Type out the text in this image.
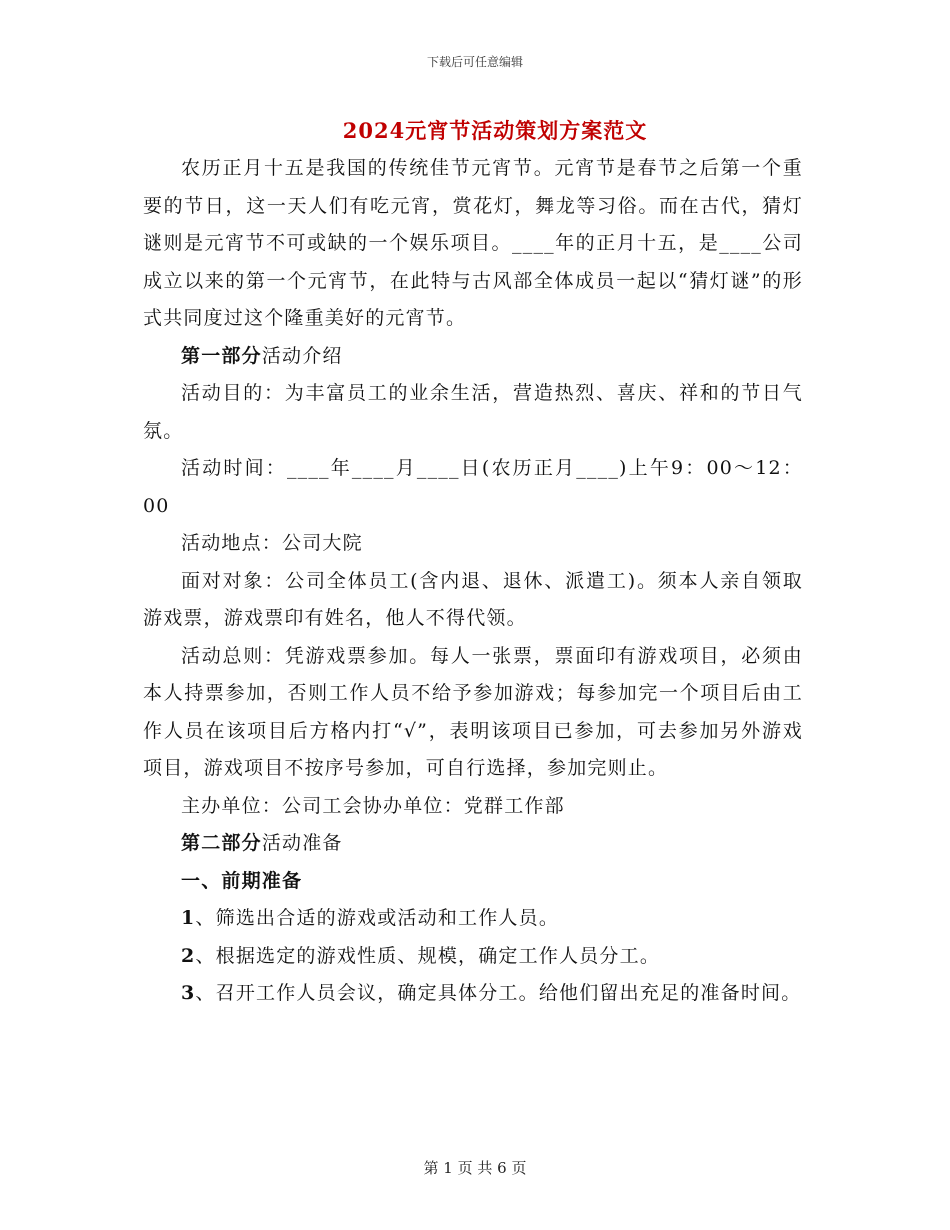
下载后可任意编辑
2024元宵节活动策划方案范文

农历正月十五是我国的传统佳节元宵节。元宵节是春节之后第一个重要的节日，这一天人们有吃元宵，赏花灯，舞龙等习俗。而在古代，猜灯谜则是元宵节不可或缺的一个娱乐项目。____年的正月十五，是____公司成立以来的第一个元宵节，在此特与古风部全体成员一起以“猜灯谜”的形式共同度过这个隆重美好的元宵节。

第一部分活动介绍

活动目的：为丰富员工的业余生活，营造热烈、喜庆、祥和的节日气氛。

活动时间：____年____月____日(农历正月____)上午9：00～12：00

活动地点：公司大院

面对对象：公司全体员工(含内退、退休、派遣工)。须本人亲自领取游戏票，游戏票印有姓名，他人不得代领。

活动总则：凭游戏票参加。每人一张票，票面印有游戏项目，必须由本人持票参加，否则工作人员不给予参加游戏；每参加完一个项目后由工作人员在该项目后方格内打“√”，表明该项目已参加，可去参加另外游戏项目，游戏项目不按序号参加，可自行选择，参加完则止。

主办单位：公司工会协办单位：党群工作部

第二部分活动准备

一、前期准备

1、筛选出合适的游戏或活动和工作人员。

2、根据选定的游戏性质、规模，确定工作人员分工。

3、召开工作人员会议，确定具体分工。给他们留出充足的准备时间。

第 1 页 共 6 页
